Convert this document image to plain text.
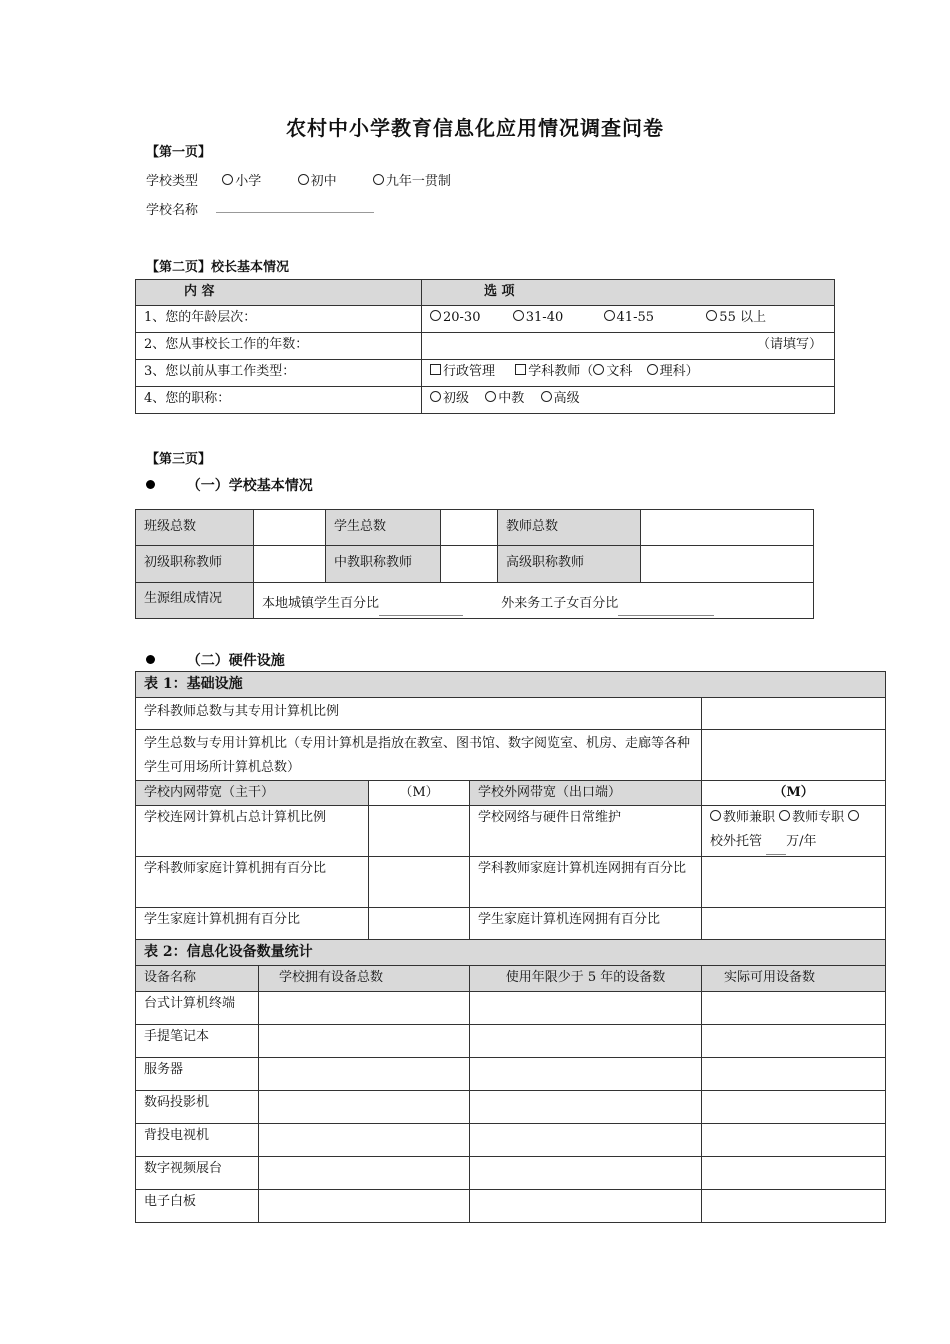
农村中小学教育信息化应用情况调查问卷
【第一页】
学校类型	小学	初中	九年一贯制
学校名称
【第二页】校长基本情况
内 容	选 项
1、您的年龄层次：	20-30 31-40 41-55 55 以上
2、您从事校长工作的年数：	（请填写）
3、您以前从事工作类型：	行政管理 学科教师（ 文科 理科）
4、您的职称：	初级 中教 高级
【第三页】
（一）学校基本情况
班级总数		学生总数		教师总数	
初级职称教师		中教职称教师		高级职称教师	
生源组成情况	本地城镇学生百分比 外来务工子女百分比				
（二）硬件设施
表 1：基础设施				
学科教师总数与其专用计算机比例				
学生总数与专用计算机比（专用计算机是指放在教室、图书馆、数字阅览室、机房、走廊等各种学生可用场所计算机总数）				
学校内网带宽（主干）		（M）	学校外网带宽（出口端）	（M）
学校连网计算机占总计算机比例			学校网络与硬件日常维护	教师兼职 教师专职
校外托管 万/年
学科教师家庭计算机拥有百分比			学科教师家庭计算机连网拥有百分比	
学生家庭计算机拥有百分比			学生家庭计算机连网拥有百分比	
表 2：信息化设备数量统计				
设备名称	学校拥有设备总数		使用年限少于 5 年的设备数	实际可用设备数
台式计算机终端				
手提笔记本				
服务器				
数码投影机				
背投电视机				
数字视频展台				
电子白板				
